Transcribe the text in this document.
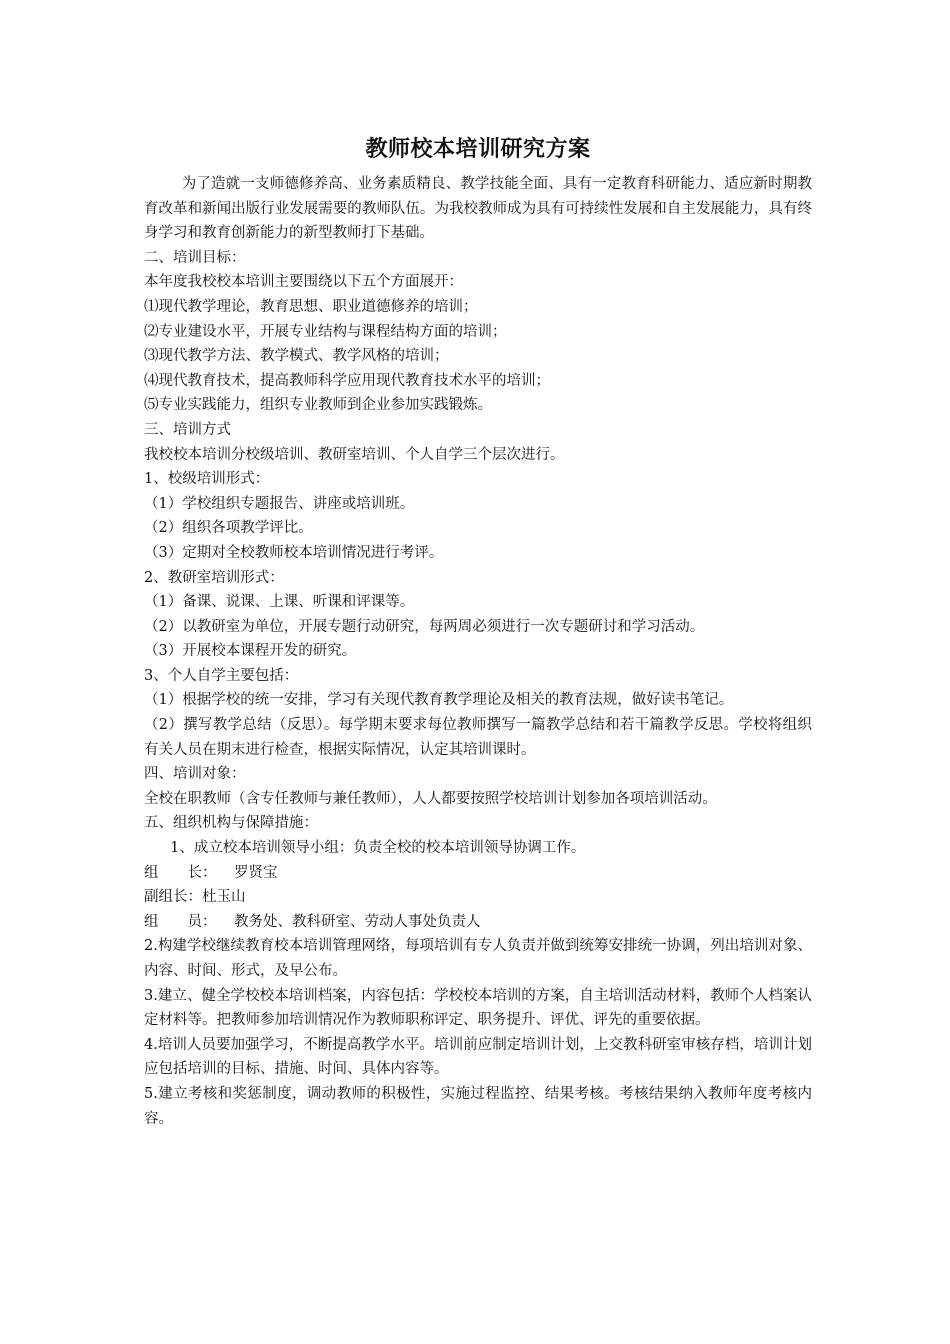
教师校本培训研究方案

为了造就一支师德修养高、业务素质精良、教学技能全面、具有一定教育科研能力、适应新时期教育改革和新闻出版行业发展需要的教师队伍。为我校教师成为具有可持续性发展和自主发展能力，具有终身学习和教育创新能力的新型教师打下基础。

二、培训目标：

本年度我校校本培训主要围绕以下五个方面展开：

⑴现代教学理论，教育思想、职业道德修养的培训；

⑵专业建设水平，开展专业结构与课程结构方面的培训；

⑶现代教学方法、教学模式、教学风格的培训；

⑷现代教育技术，提高教师科学应用现代教育技术水平的培训；

⑸专业实践能力，组织专业教师到企业参加实践锻炼。

三、培训方式

我校校本培训分校级培训、教研室培训、个人自学三个层次进行。

1、校级培训形式：

（1）学校组织专题报告、讲座或培训班。

（2）组织各项教学评比。

（3）定期对全校教师校本培训情况进行考评。

2、教研室培训形式：

（1）备课、说课、上课、听课和评课等。

（2）以教研室为单位，开展专题行动研究，每两周必须进行一次专题研讨和学习活动。

（3）开展校本课程开发的研究。

3、个人自学主要包括：

（1）根据学校的统一安排，学习有关现代教育教学理论及相关的教育法规，做好读书笔记。

（2）撰写教学总结（反思）。每学期末要求每位教师撰写一篇教学总结和若干篇教学反思。学校将组织有关人员在期末进行检查，根据实际情况，认定其培训课时。

四、培训对象：

全校在职教师（含专任教师与兼任教师），人人都要按照学校培训计划参加各项培训活动。

五、组织机构与保障措施：

1、成立校本培训领导小组：负责全校的校本培训领导协调工作。

组　　长： 罗贤宝

副组长：杜玉山

组　　员： 教务处、教科研室、劳动人事处负责人

2.构建学校继续教育校本培训管理网络，每项培训有专人负责并做到统筹安排统一协调，列出培训对象、内容、时间、形式，及早公布。

3.建立、健全学校校本培训档案，内容包括：学校校本培训的方案，自主培训活动材料，教师个人档案认定材料等。把教师参加培训情况作为教师职称评定、职务提升、评优、评先的重要依据。

4.培训人员要加强学习，不断提高教学水平。培训前应制定培训计划，上交教科研室审核存档，培训计划应包括培训的目标、措施、时间、具体内容等。

5.建立考核和奖惩制度，调动教师的积极性，实施过程监控、结果考核。考核结果纳入教师年度考核内容。
